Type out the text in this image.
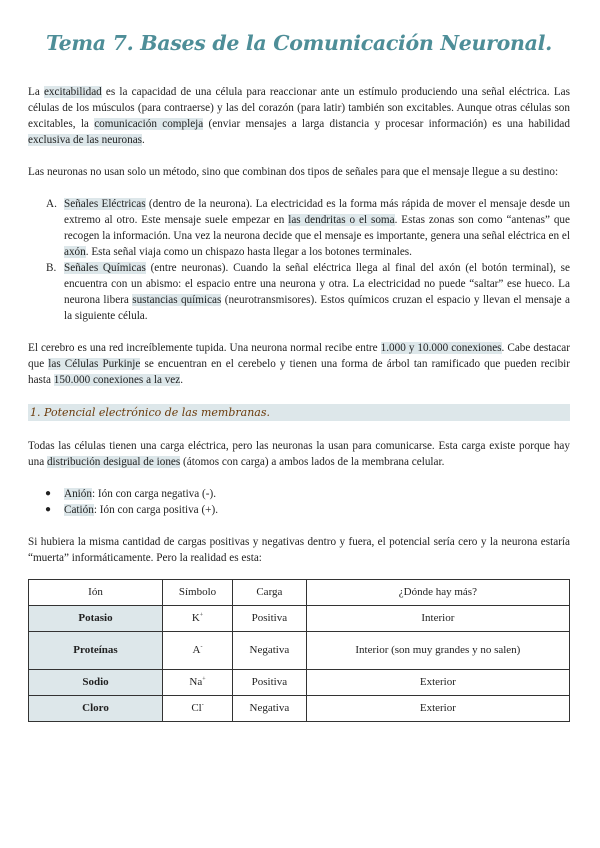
Tema 7. Bases de la Comunicación Neuronal.

La excitabilidad es la capacidad de una célula para reaccionar ante un estímulo produciendo una señal eléctrica. Las células de los músculos (para contraerse) y las del corazón (para latir) también son excitables. Aunque otras células son excitables, la comunicación compleja (enviar mensajes a larga distancia y procesar información) es una habilidad exclusiva de las neuronas.

Las neuronas no usan solo un método, sino que combinan dos tipos de señales para que el mensaje llegue a su destino:

A. Señales Eléctricas (dentro de la neurona). La electricidad es la forma más rápida de mover el mensaje desde un extremo al otro. Este mensaje suele empezar en las dendritas o el soma. Estas zonas son como “antenas” que recogen la información. Una vez la neurona decide que el mensaje es importante, genera una señal eléctrica en el axón. Esta señal viaja como un chispazo hasta llegar a los botones terminales.
B. Señales Químicas (entre neuronas). Cuando la señal eléctrica llega al final del axón (el botón terminal), se encuentra con un abismo: el espacio entre una neurona y otra. La electricidad no puede “saltar” ese hueco. La neurona libera sustancias químicas (neurotransmisores). Estos químicos cruzan el espacio y llevan el mensaje a la siguiente célula.

El cerebro es una red increíblemente tupida. Una neurona normal recibe entre 1.000 y 10.000 conexiones. Cabe destacar que las Células Purkinje se encuentran en el cerebelo y tienen una forma de árbol tan ramificado que pueden recibir hasta 150.000 conexiones a la vez.

1. Potencial electrónico de las membranas.

Todas las células tienen una carga eléctrica, pero las neuronas la usan para comunicarse. Esta carga existe porque hay una distribución desigual de iones (átomos con carga) a ambos lados de la membrana celular.

● Anión: Ión con carga negativa (-).
● Catión: Ión con carga positiva (+).

Si hubiera la misma cantidad de cargas positivas y negativas dentro y fuera, el potencial sería cero y la neurona estaría “muerta” informáticamente. Pero la realidad es esta:

Ión	Símbolo	Carga	¿Dónde hay más?
Potasio	K+	Positiva	Interior
Proteínas	A-	Negativa	Interior (son muy grandes y no salen)
Sodio	Na+	Positiva	Exterior
Cloro	Cl-	Negativa	Exterior
